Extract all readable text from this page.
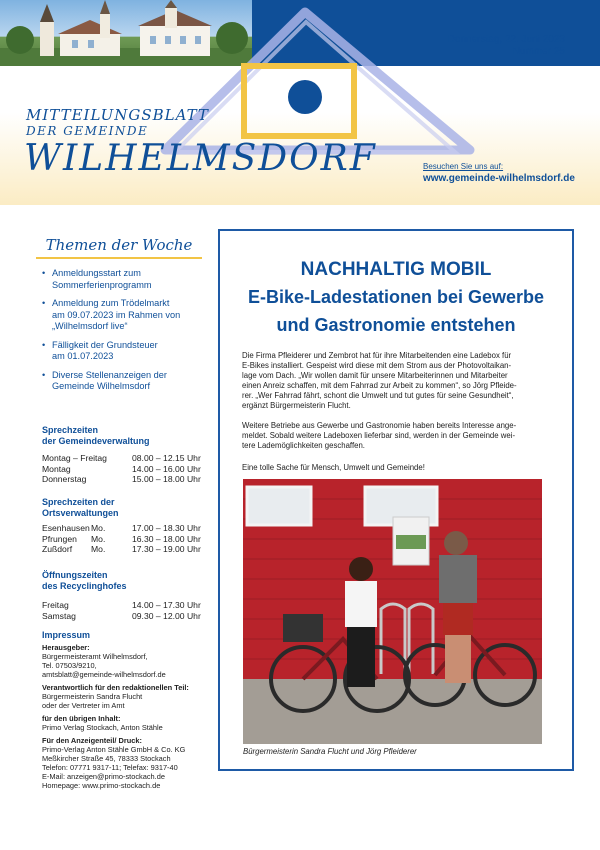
Donnerstag, 22. Juni 2023
Nummer 25
MITTEILUNGSBLATT
DER GEMEINDE
WILHELMSDORF	Besuchen Sie uns auf:
www.gemeinde-wilhelmsdorf.de
Themen der Woche
• Anmeldungsstart zum
Sommerferienprogramm
• Anmeldung zum Trödelmarkt
am 09.07.2023 im Rahmen von
„Wilhelmsdorf live“
• Fälligkeit der Grundsteuer
am 01.07.2023
• Diverse Stellenanzeigen der
Gemeinde Wilhelmsdorf
Sprechzeiten
der Gemeindeverwaltung
Montag – Freitag	08.00 – 12.15 Uhr
Montag	14.00 – 16.00 Uhr
Donnerstag	15.00 – 18.00 Uhr
Sprechzeiten der
Ortsverwaltungen
Esenhausen Mo.	17.00 – 18.30 Uhr
Pfrungen Mo.	16.30 – 18.00 Uhr
Zußdorf Mo.	17.30 – 19.00 Uhr
Öffnungszeiten
des Recyclinghofes
Freitag	14.00 – 17.30 Uhr
Samstag	09.30 – 12.00 Uhr
Impressum
Herausgeber:
Bürgermeisteramt Wilhelmsdorf,
Tel. 07503/9210,
amtsblatt@gemeinde-wilhelmsdorf.de
Verantwortlich für den redaktionellen Teil:
Bürgermeisterin Sandra Flucht
oder der Vertreter im Amt
für den übrigen Inhalt:
Primo Verlag Stockach, Anton Stähle
Für den Anzeigenteil/ Druck:
Primo-Verlag Anton Stähle GmbH & Co. KG
Meßkircher Straße 45, 78333 Stockach
Telefon: 07771 9317-11; Telefax: 9317-40
E-Mail: anzeigen@primo-stockach.de
Homepage: www.primo-stockach.de
NACHHALTIG MOBIL
E-Bike-Ladestationen bei Gewerbe
und Gastronomie entstehen
Die Firma Pfleiderer und Zembrot hat für ihre Mitarbeitenden eine Ladebox für
E-Bikes installiert. Gespeist wird diese mit dem Strom aus der Photovoltaikan-
lage vom Dach. „Wir wollen damit für unsere Mitarbeiterinnen und Mitarbeiter
einen Anreiz schaffen, mit dem Fahrrad zur Arbeit zu kommen“, so Jörg Pfleide-
rer. „Wer Fahrrad fährt, schont die Umwelt und tut gutes für seine Gesundheit“,
ergänzt Bürgermeisterin Flucht.
Weitere Betriebe aus Gewerbe und Gastronomie haben bereits Interesse ange-
meldet. Sobald weitere Ladeboxen lieferbar sind, werden in der Gemeinde wei-
tere Lademöglichkeiten geschaffen.
Eine tolle Sache für Mensch, Umwelt und Gemeinde!
Bürgermeisterin Sandra Flucht und Jörg Pfleiderer
